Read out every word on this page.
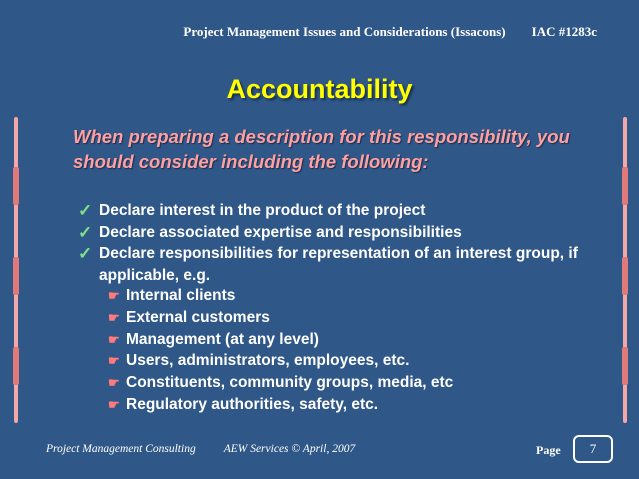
Project Management Issues and Considerations (Issacons) IAC #1283c
Accountability
When preparing a description for this responsibility, you should consider including the following:
✓ Declare interest in the product of the project
✓ Declare associated expertise and responsibilities
✓ Declare responsibilities for representation of an interest group, if applicable, e.g.
☛ Internal clients
☛ External customers
☛ Management (at any level)
☛ Users, administrators, employees, etc.
☛ Constituents, community groups, media, etc
☛ Regulatory authorities, safety, etc.
Project Management Consulting AEW Services © April, 2007	Page	7
